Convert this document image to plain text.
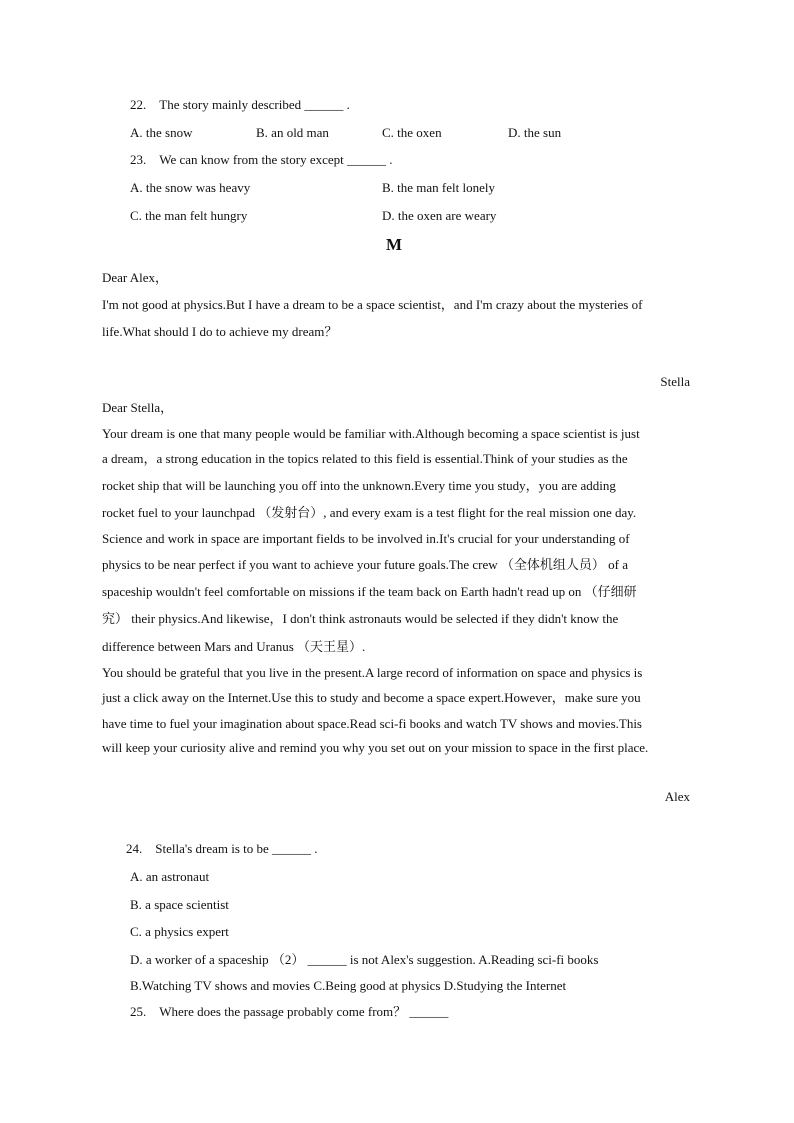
22.　The story mainly described ______ .
A. the snow	B. an old man	C. the oxen	D. the sun
23.　We can know from the story except ______ .
A. the snow was heavy	B. the man felt lonely
C. the man felt hungry	D. the oxen are weary
M
Dear Alex，
I'm not good at physics.But I have a dream to be a space scientist，and I'm crazy about the mysteries of
life.What should I do to achieve my dream？
Stella
Dear Stella，
Your dream is one that many people would be familiar with.Although becoming a space scientist is just
a dream，a strong education in the topics related to this field is essential.Think of your studies as the
rocket ship that will be launching you off into the unknown.Every time you study，you are adding
rocket fuel to your launchpad （发射台）, and every exam is a test flight for the real mission one day.
Science and work in space are important fields to be involved in.It's crucial for your understanding of
physics to be near perfect if you want to achieve your future goals.The crew （全体机组人员） of a
spaceship wouldn't feel comfortable on missions if the team back on Earth hadn't read up on （仔细研
究） their physics.And likewise，I don't think astronauts would be selected if they didn't know the
difference between Mars and Uranus （天王星）.
You should be grateful that you live in the present.A large record of information on space and physics is
just a click away on the Internet.Use this to study and become a space expert.However，make sure you
have time to fuel your imagination about space.Read sci-fi books and watch TV shows and movies.This
will keep your curiosity alive and remind you why you set out on your mission to space in the first place.
Alex
24.　Stella's dream is to be ______ .
A. an astronaut
B. a space scientist
C. a physics expert
D. a worker of a spaceship （2） ______ is not Alex's suggestion. A.Reading sci-fi books
B.Watching TV shows and movies C.Being good at physics D.Studying the Internet
25.　Where does the passage probably come from？ ______
